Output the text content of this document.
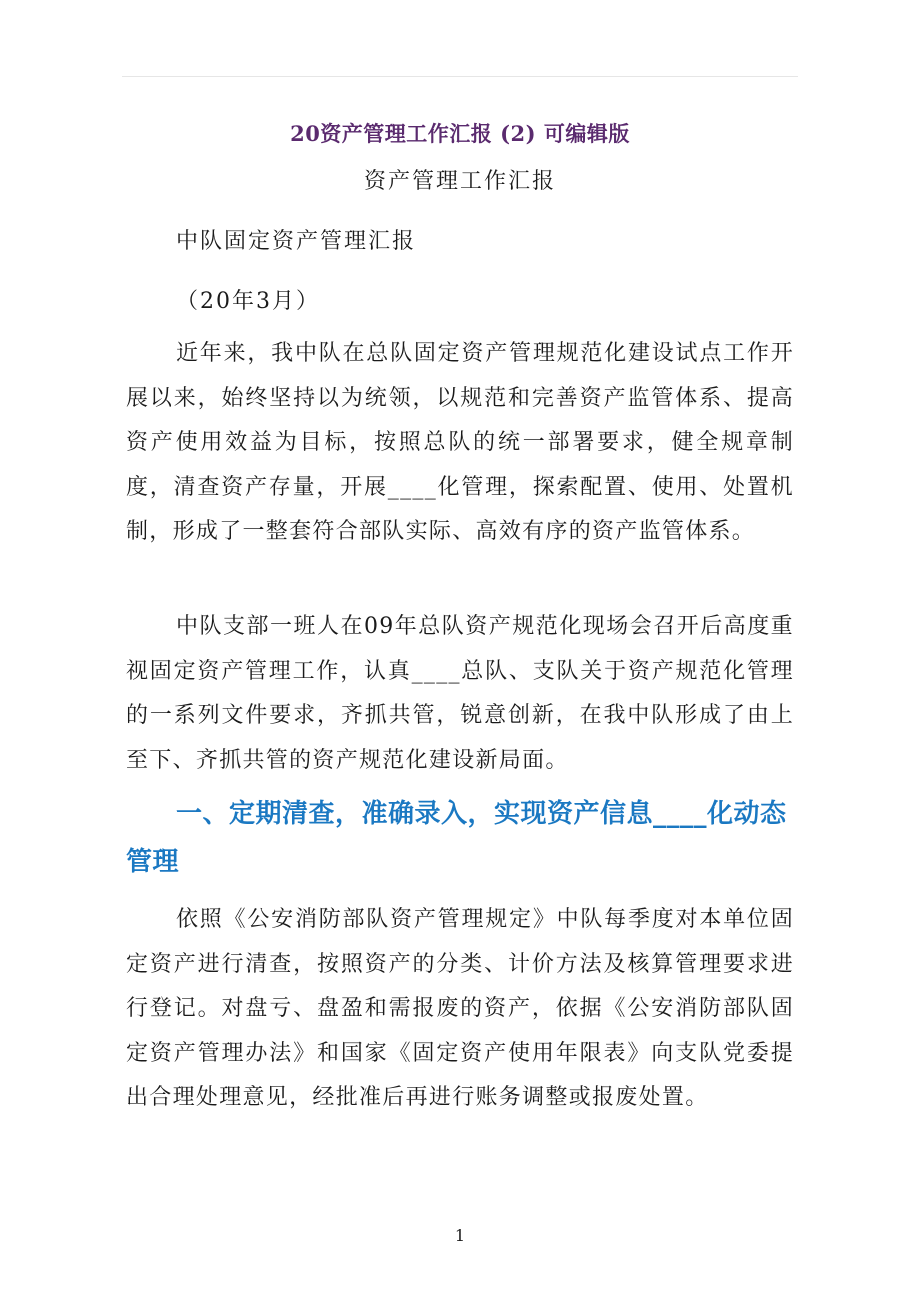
20资产管理工作汇报 (2) 可编辑版
资产管理工作汇报
中队固定资产管理汇报
（20年3月）

近年来，我中队在总队固定资产管理规范化建设试点工作开展以来，始终坚持以为统领，以规范和完善资产监管体系、提高资产使用效益为目标，按照总队的统一部署要求，健全规章制度，清查资产存量，开展____化管理，探索配置、使用、处置机制，形成了一整套符合部队实际、高效有序的资产监管体系。

中队支部一班人在09年总队资产规范化现场会召开后高度重视固定资产管理工作，认真____总队、支队关于资产规范化管理的一系列文件要求，齐抓共管，锐意创新，在我中队形成了由上至下、齐抓共管的资产规范化建设新局面。

一、定期清查，准确录入，实现资产信息____化动态管理

依照《公安消防部队资产管理规定》中队每季度对本单位固定资产进行清查，按照资产的分类、计价方法及核算管理要求进行登记。对盘亏、盘盈和需报废的资产，依据《公安消防部队固定资产管理办法》和国家《固定资产使用年限表》向支队党委提出合理处理意见，经批准后再进行账务调整或报废处置。

1
